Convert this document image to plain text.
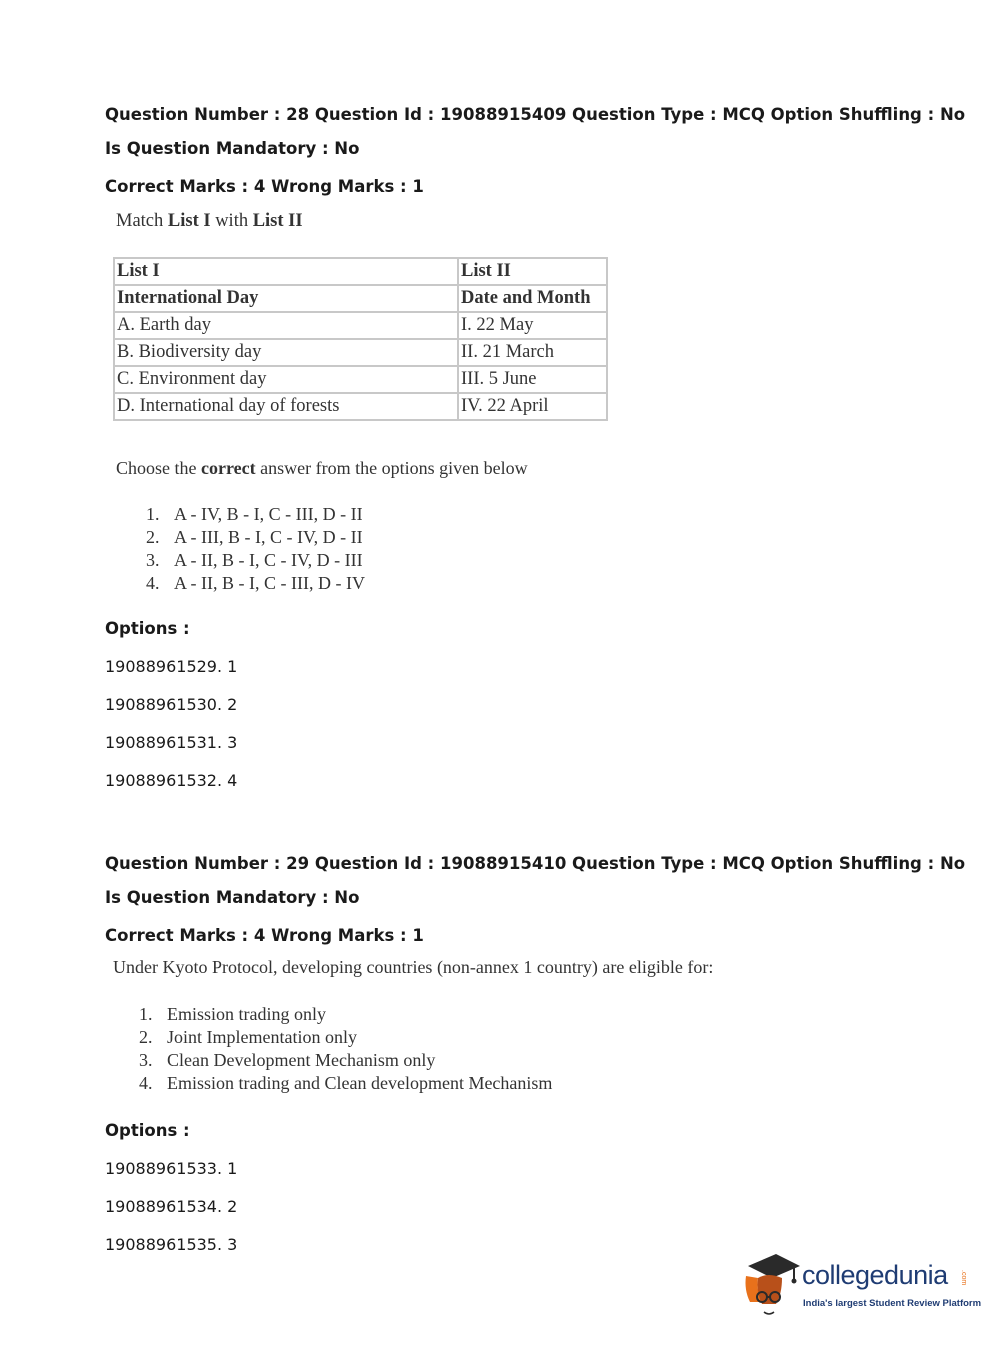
Question Number : 28 Question Id : 19088915409 Question Type : MCQ Option Shuffling : No
Is Question Mandatory : No
Correct Marks : 4 Wrong Marks : 1
Match List I with List II
List I	List II
International Day	Date and Month
A. Earth day	I. 22 May
B. Biodiversity day	II. 21 March
C. Environment day	III. 5 June
D. International day of forests	IV. 22 April
Choose the correct answer from the options given below
1. A - IV, B - I, C - III, D - II
2. A - III, B - I, C - IV, D - II
3. A - II, B - I, C - IV, D - III
4. A - II, B - I, C - III, D - IV
Options :
19088961529. 1
19088961530. 2
19088961531. 3
19088961532. 4
Question Number : 29 Question Id : 19088915410 Question Type : MCQ Option Shuffling : No
Is Question Mandatory : No
Correct Marks : 4 Wrong Marks : 1
Under Kyoto Protocol, developing countries (non-annex 1 country) are eligible for:
1. Emission trading only
2. Joint Implementation only
3. Clean Development Mechanism only
4. Emission trading and Clean development Mechanism
Options :
19088961533. 1
19088961534. 2
19088961535. 3
collegedunia .com
India's largest Student Review Platform
